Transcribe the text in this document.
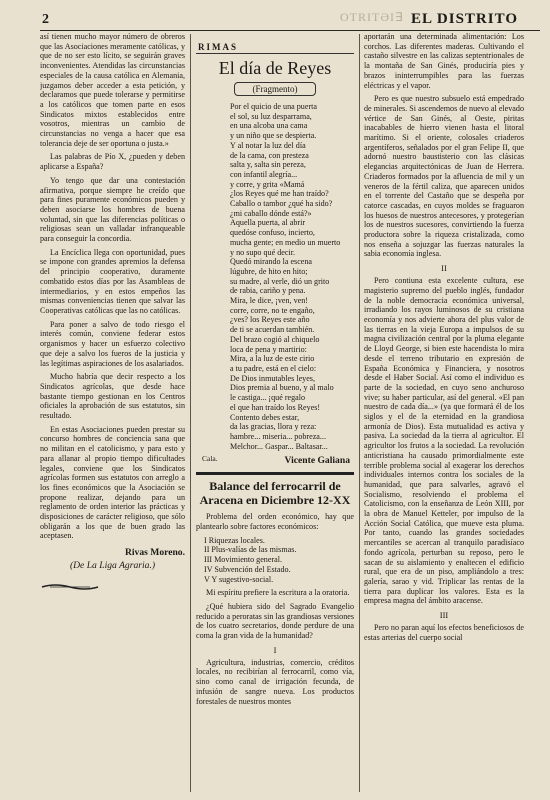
2	OTRITƏI∃ EL DISTRITO

así tienen mucho mayor número de obreros que las Asociaciones meramente católicas, y que de no ser esto lícito, se seguirán graves inconvenientes. Atendidas las circunstancias especiales de la causa católica en Alemania, juzgamos deber acceder a esta petición, y declaramos que puede tolerarse y permitirse a los católicos que tomen parte en esos Sindicatos mixtos establecidos entre vosotros, mientras un cambio de circunstancias no venga a hacer que esa tolerancia deje de ser oportuna o justa.»

Las palabras de Pío X, ¿pueden y deben aplicarse a España?

Yo tengo que dar una contestación afirmativa, porque siempre he creído que para fines puramente económicos pueden y deben asociarse los hombres de buena voluntad, sin que las diferencias políticas o religiosas sean un valladar infranqueable para conseguir la concordia.

La Encíclica llega con oportunidad, pues se impone con grandes apremios la defensa del principio cooperativo, duramente combatido estos días por las Asambleas de intermediarios, y en estos empeños las mismas conveniencias tienen que salvar las Cooperativas católicas que las no católicas.

Para poner a salvo de todo riesgo el interés común, conviene federar estos organismos y hacer un esfuerzo colectivo que deje a salvo los fueros de la justicia y las legítimas aspiraciones de los asalariados.

Mucho habría que decir respecto a los Sindicatos agrícolas, que desde hace bastante tiempo gestionan en los Centros oficiales la aprobación de sus estatutos, sin resultado.

En estas Asociaciones pueden prestar su concurso hombres de conciencia sana que no militan en el catolicismo, y para esto y para allanar al propio tiempo dificultades legales, conviene que los Sindicatos agrícolas formen sus estatutos con arreglo a los fines económicos que la Asociación se propone realizar, dejando para un reglamento de orden interior las prácticas y disposiciones de carácter religioso, que sólo obligarán a los que de buen grado las aceptasen.

Rivas Moreno.
(De La Liga Agraria.)
RIMAS
El día de Reyes
(Fragmento)
Por el quicio de una puerta
el sol, su luz desparrama,
en una alcoba una cama
y un niño que se despierta.
Y al notar la luz del día
de la cama, con presteza
salta y, salta sin pereza,
con infantil alegría...
y corre, y grita «Mamá
¿los Reyes qué me han traído?
Caballo o tambor ¿qué ha sido?
¿mi caballo dónde está?»
Aquella puerta, al abrir
quedóse confuso, incierto,
mucha gente; en medio un muerto
y no supo qué decir.
Quedó mirando la escena
lúgubre, de hito en hito;
su madre, al verle, dió un grito
de rabia, cariño y pena.
Mira, le dice, ¡ven, ven!
corre, corre, no te engaño,
¿ves? los Reyes este año
de ti se acuerdan también.
Del brazo cogió al chiquelo
loca de pena y martirio:
Mira, a la luz de este cirio
a tu padre, está en el cielo:
De Dios inmutables leyes,
Dios premia al bueno, y al malo
le castiga... ¡qué regalo
el que han traído los Reyes!
Contento debes estar,
da las gracias, llora y reza:
hambre... miseria... pobreza...
Melchor... Gaspar... Baltasar...
Cala.	Vicente Galiana
Balance del ferrocarril de Aracena en Diciembre 12-XX

Problema del orden económico, hay que plantearlo sobre factores económicos:

I Riquezas locales.
II Plus-valías de las mismas.
III Movimiento general.
IV Subvención del Estado.
V Y sugestivo-social.

Mi espíritu prefiere la escritura a la oratoria.

¿Qué hubiera sido del Sagrado Evangelio reducido a peroratas sin las grandiosas versiones de los cuatro secretarios, donde perdure de una coma la gran vida de la humanidad?

I

Agricultura, industrias, comercio, créditos locales, no recibirían al ferrocarril, como vía, sino como canal de irrigación fecunda, de infusión de sangre nueva. Los productos forestales de nuestros montes

aportarán una determinada alimentación: Los corchos. Las diferentes maderas. Cultivando el castaño silvestre en las calizas septentrionales de la montaña de San Ginés, produciría pies y brazos ininterrumpibles para las fuerzas eléctricas y el vapor.

Pero es que nuestro subsuelo está empedrado de minerales. Si ascendemos de nuevo al elevado vértice de San Ginés, al Oeste, piritas inacabables de hierro vienen hasta el litoral marítimo. Si el oriente, colosales criaderos argentíferos, señalados por el gran Felipe II, que adornó nuestro baustisterio con las clásicas elegancias arquitectónicas de Juan de Herrera. Criaderos formados por la afluencia de mil y un veneros de la fértil caliza, que aparecen unidos en el torrente del Castaño que se despeña por catorce cascadas, en cuyos moldes se fraguaron los huesos de nuestros antecesores, y protegerían los de nuestros sucesores, convirtiendo la fuerza productora sobre la riqueza cristalizada, como nos enseña a sojuzgar las fuerzas naturales la sabia economía inglesa.

II

Pero contiuna esta excelente cultura, ese magisterio supremo del pueblo inglés, fundador de la noble democracia económica universal, irradiando los rayos luminosos de su cristiana economía y nos advierte ahora del plus valor de las tierras en la vieja Europa a impulsos de su magna civilización central por la pluma elegante de Lloyd George, si bien este hacendista lo mira desde el terreno tributario en expresión de España Económica y Financiera, y nosotros desde el Haber Social. Así como el individuo es parte de la sociedad, en cuyo seno anchuroso vive; su haber particular, así del general. «El pan nuestro de cada día...» (ya que formará él de los siglos y el de la eternidad en la grandiosa armonía de Dios). Esta mutualidad es activa y pasiva. La sociedad da la tierra al agricultor. El agricultor los frutos a la sociedad. La revolución anticristiana ha causado primordialmente este terrible problema social al exagerar los derechos individuales internos contra los sociales de la humanidad, que para salvarles, agravó el Socialismo, resolviendo el problema el Catolicismo, con la enseñanza de León XIII, por la obra de Manuel Ketteler, por impulso de la Acción Social Católica, que mueve esta pluma. Por tanto, cuando las grandes sociedades mercantiles se acercan al tranquilo paradisíaco fondo agrícola, perturban su reposo, pero le sacan de su aislamiento y enaltecen el edificio rural, que era de un piso, ampliándolo a tres: galería, sarao y vid. Triplicar las rentas de la tierra para duplicar los valores. Esta es la empresa magna del ámbito aracense.

III

Pero no paran aquí los efectos beneficiosos de estas arterias del cuerpo social
